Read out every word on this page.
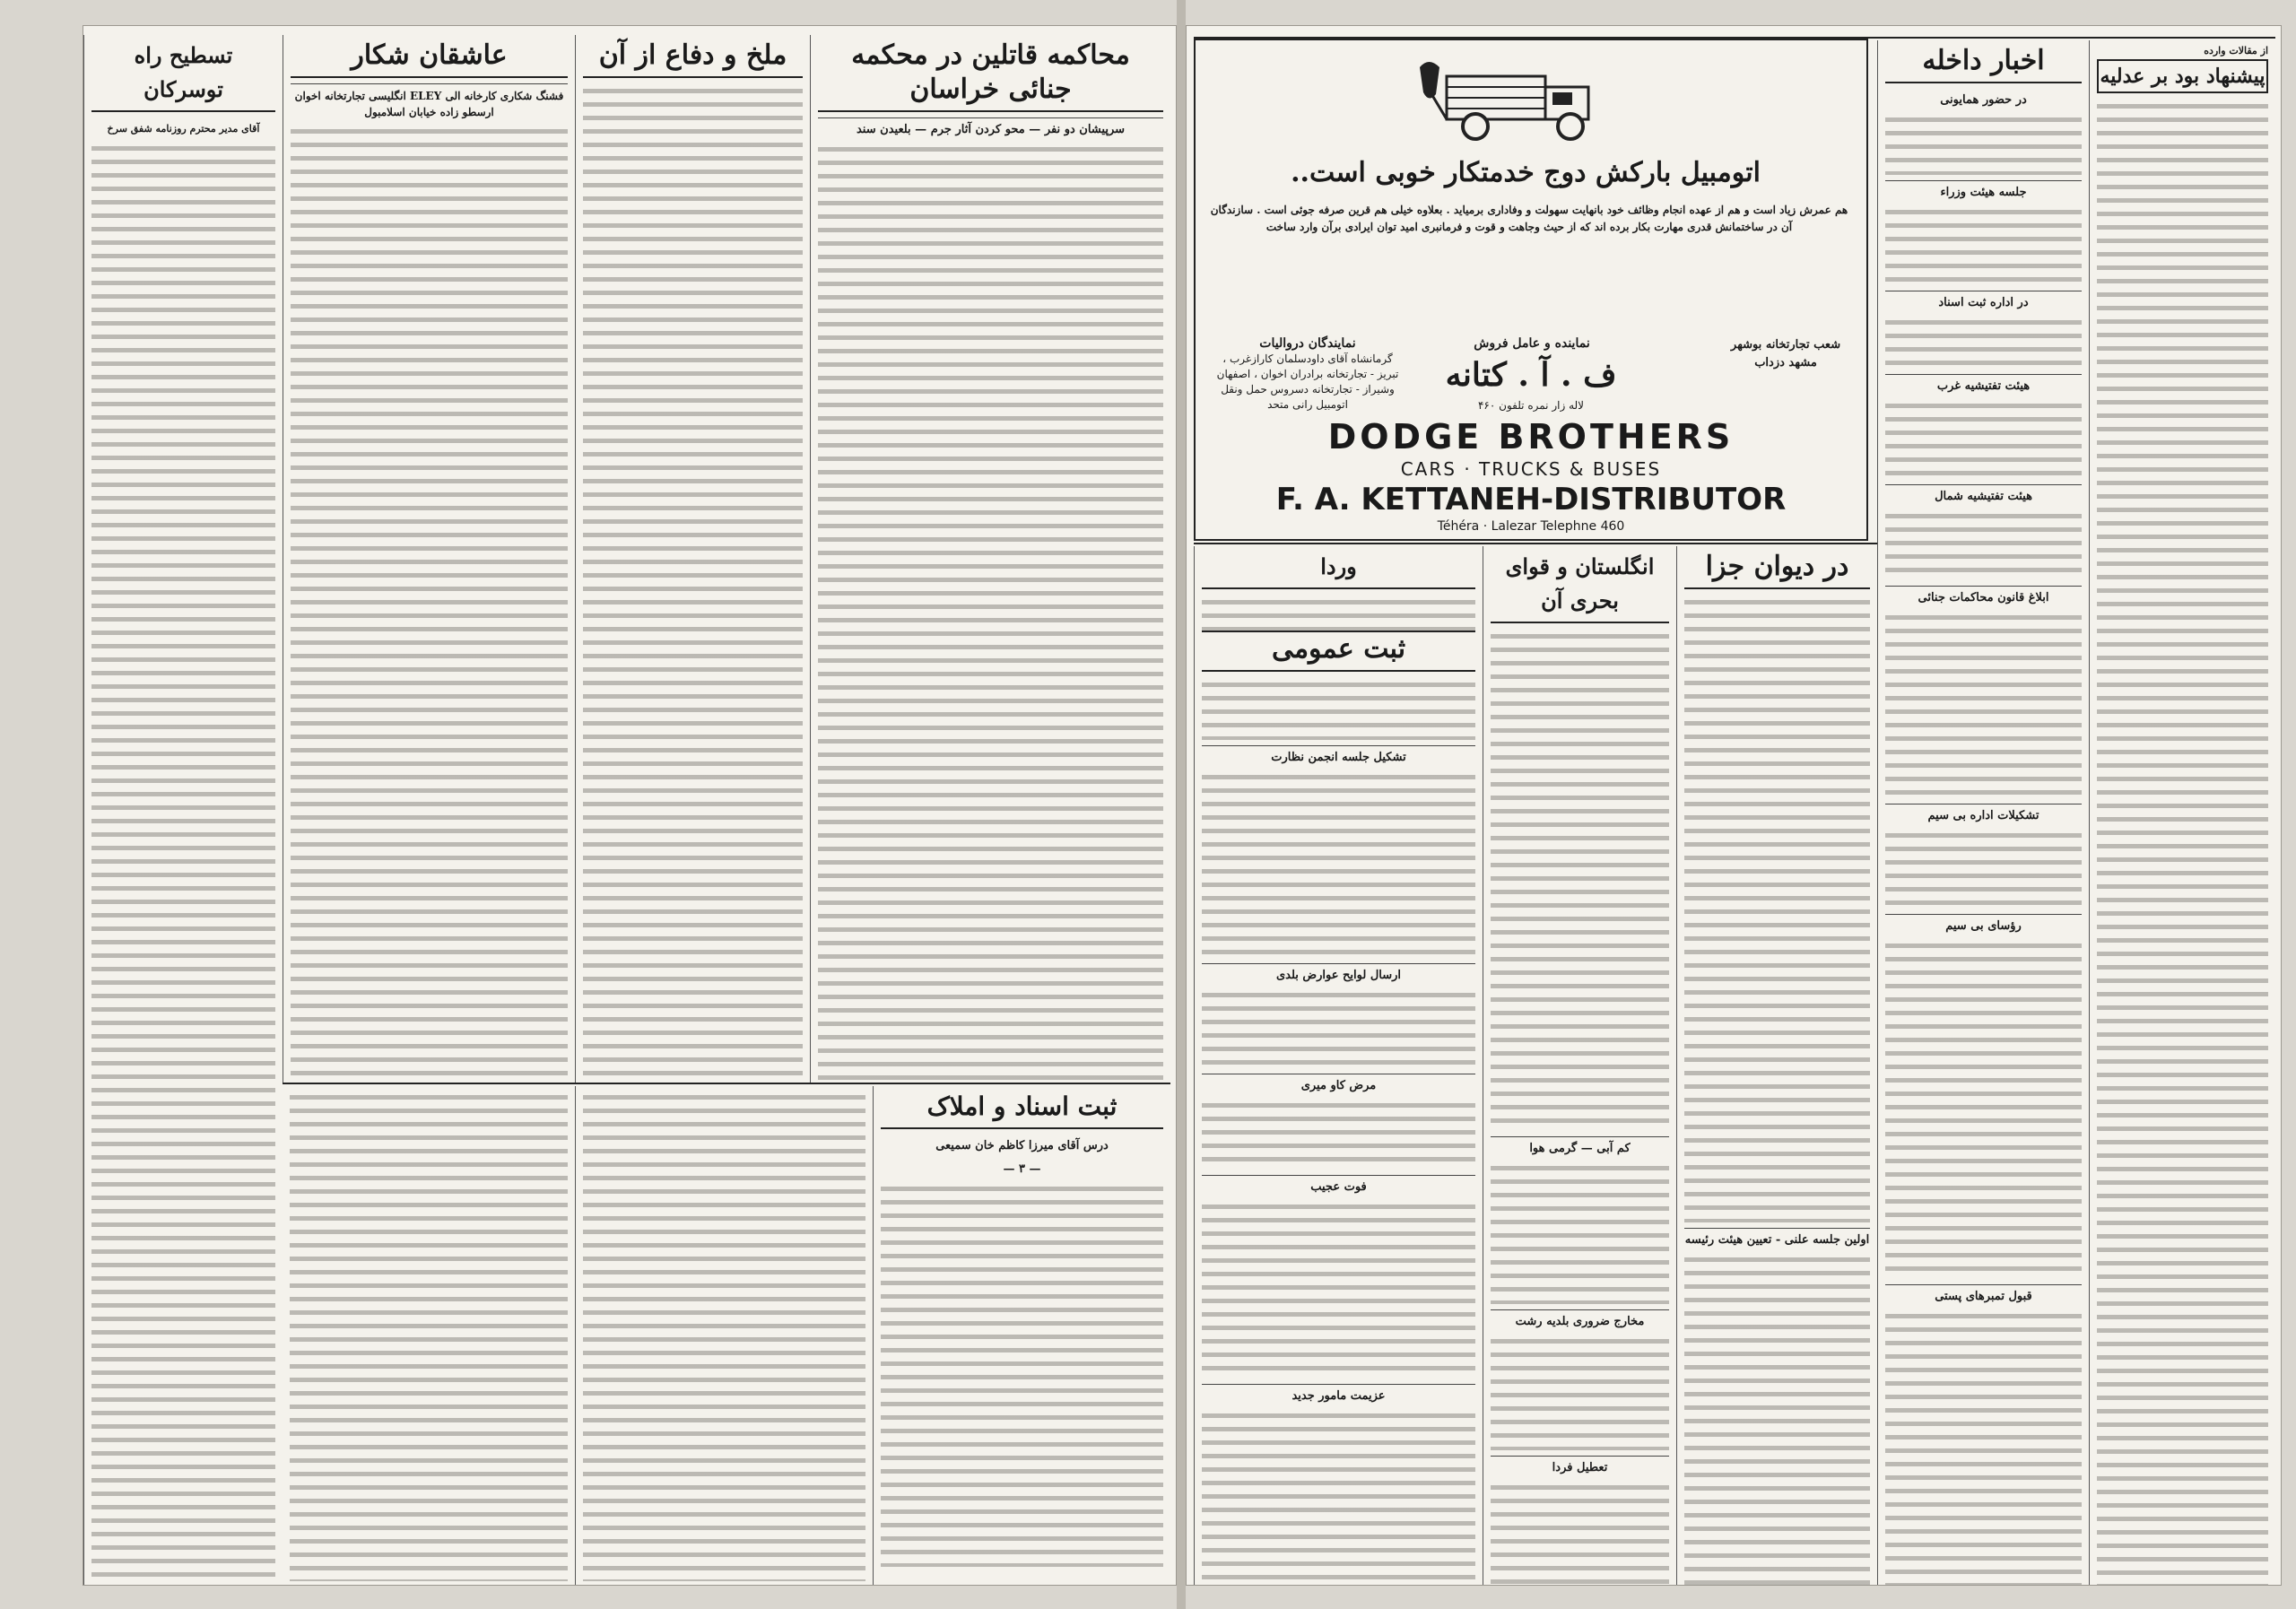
محاکمه قاتلین در محکمه جنائی خراسان
سرپیشان دو نفر — محو کردن آثار جرم — بلعیدن سند
ملخ و دفاع از آن
عاشقان شکار
فشنگ شکاری کارخانه الی ELEY انگلیسی تجارتخانه اخوان ارسطو زاده خیابان اسلامبول
تسطیح راه توسرکان
آقای مدیر محترم روزنامه شفق سرخ
ثبت اسناد و املاک
درس آقای میرزا کاظم خان سمیعی
— ۳ —
اتومبیل بارکش دوج خدمتکار خوبی است..
هم عمرش زیاد است و هم از عهده انجام وظائف خود بانهایت سهولت و وفاداری برمیاید . بعلاوه خیلی هم قرین صرفه جوئی است . سازندگان آن در ساختمانش قدری مهارت بکار برده اند که از حیث وجاهت و قوت و فرمانبری امید توان ایرادی برآن وارد ساخت
نمایندگان دروالیات
گرمانشاه آقای داودسلمان کارازغرب ، تبریز - تجارتخانه برادران اخوان ، اصفهان وشیراز - تجارتخانه دسروس حمل ونقل اتومبیل رانی متحد
نماینده و عامل فروش	شعب تجارتخانه بوشهر مشهد دزداب
ف . آ . کتانه
لاله زار نمره تلفون ۴۶۰
DODGE BROTHERS
CARS · TRUCKS & BUSES
F. A. KETTANEH-DISTRIBUTOR
Téhéra · Lalezar Telephne 460
از مقالات وارده
پیشنهاد بود بر عدلیه
اخبار داخله
در حضور همایونی
جلسه هیئت وزراء
در اداره ثبت اسناد
هیئت تفتیشیه غرب
هیئت تفتیشیه شمال
ابلاغ قانون محاکمات جنائی
تشکیلات اداره بی سیم
رؤسای بی سیم
قبول تمبرهای پستی
در دیوان جزا
اولین جلسه علنی - تعیین هیئت رئیسه
انگلستان و قوای بحری آن
کم آبی — گرمی هوا
مخارج ضروری بلدیه رشت
تعطیل فردا
وردا
ثبت عمومی
تشکیل جلسه انجمن نظارت
ارسال لوایح عوارض بلدی
مرض کاو میری
فوت عجیب
عزیمت مامور جدید
